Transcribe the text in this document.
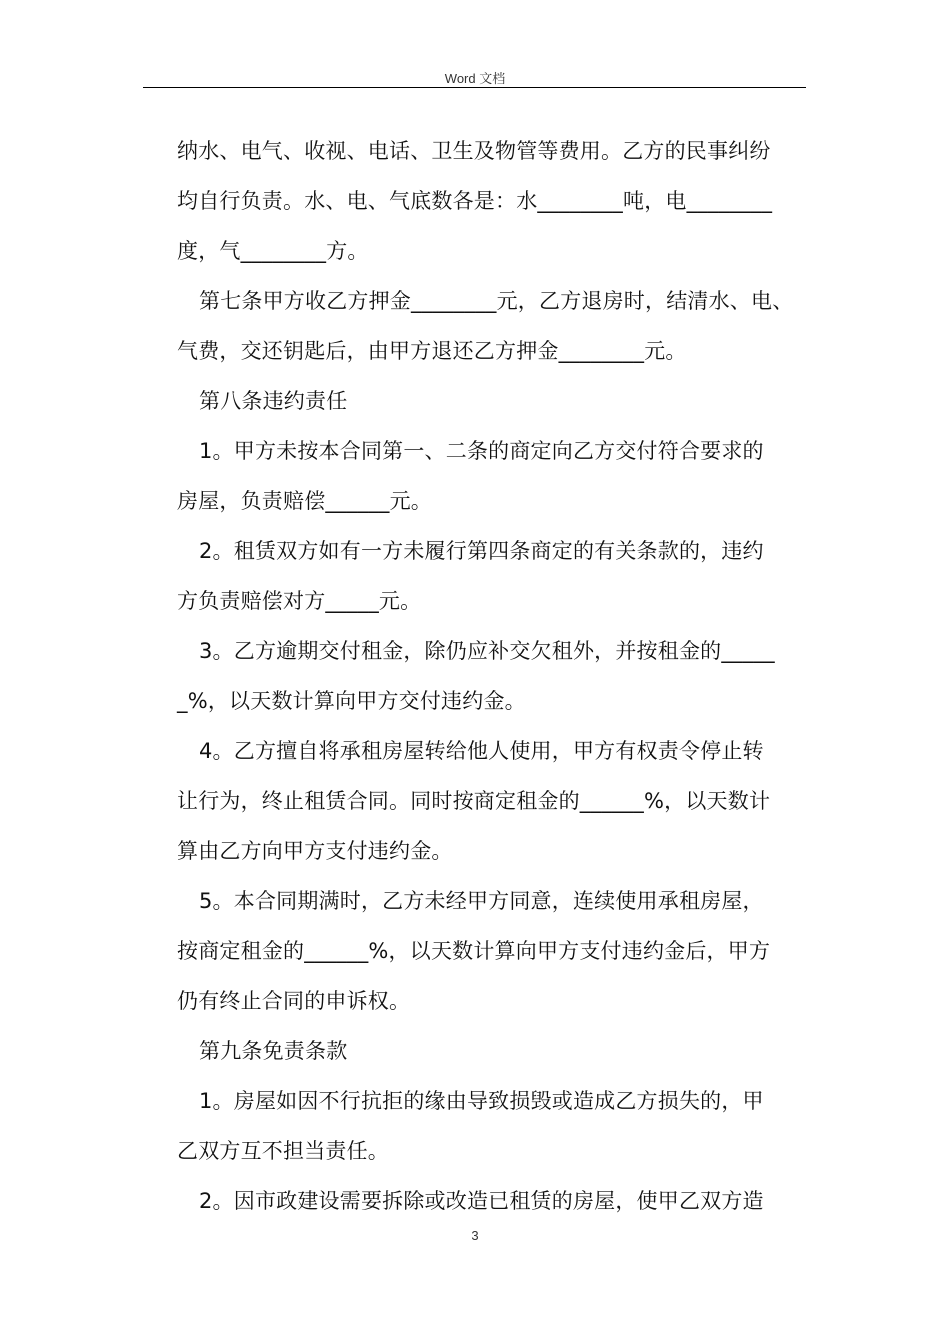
Word 文档
纳水、电气、收视、电话、卫生及物管等费用。乙方的民事纠纷
均自行负责。水、电、气底数各是：水________吨，电________
度，气________方。
第七条甲方收乙方押金________元，乙方退房时，结清水、电、
气费，交还钥匙后，由甲方退还乙方押金________元。
第八条违约责任
1。甲方未按本合同第一、二条的商定向乙方交付符合要求的
房屋，负责赔偿______元。
2。租赁双方如有一方未履行第四条商定的有关条款的，违约
方负责赔偿对方_____元。
3。乙方逾期交付租金，除仍应补交欠租外，并按租金的_____
_%，以天数计算向甲方交付违约金。
4。乙方擅自将承租房屋转给他人使用，甲方有权责令停止转
让行为，终止租赁合同。同时按商定租金的______%，以天数计
算由乙方向甲方支付违约金。
5。本合同期满时，乙方未经甲方同意，连续使用承租房屋，
按商定租金的______%，以天数计算向甲方支付违约金后，甲方
仍有终止合同的申诉权。
第九条免责条款
1。房屋如因不行抗拒的缘由导致损毁或造成乙方损失的，甲
乙双方互不担当责任。
2。因市政建设需要拆除或改造已租赁的房屋，使甲乙双方造
3
